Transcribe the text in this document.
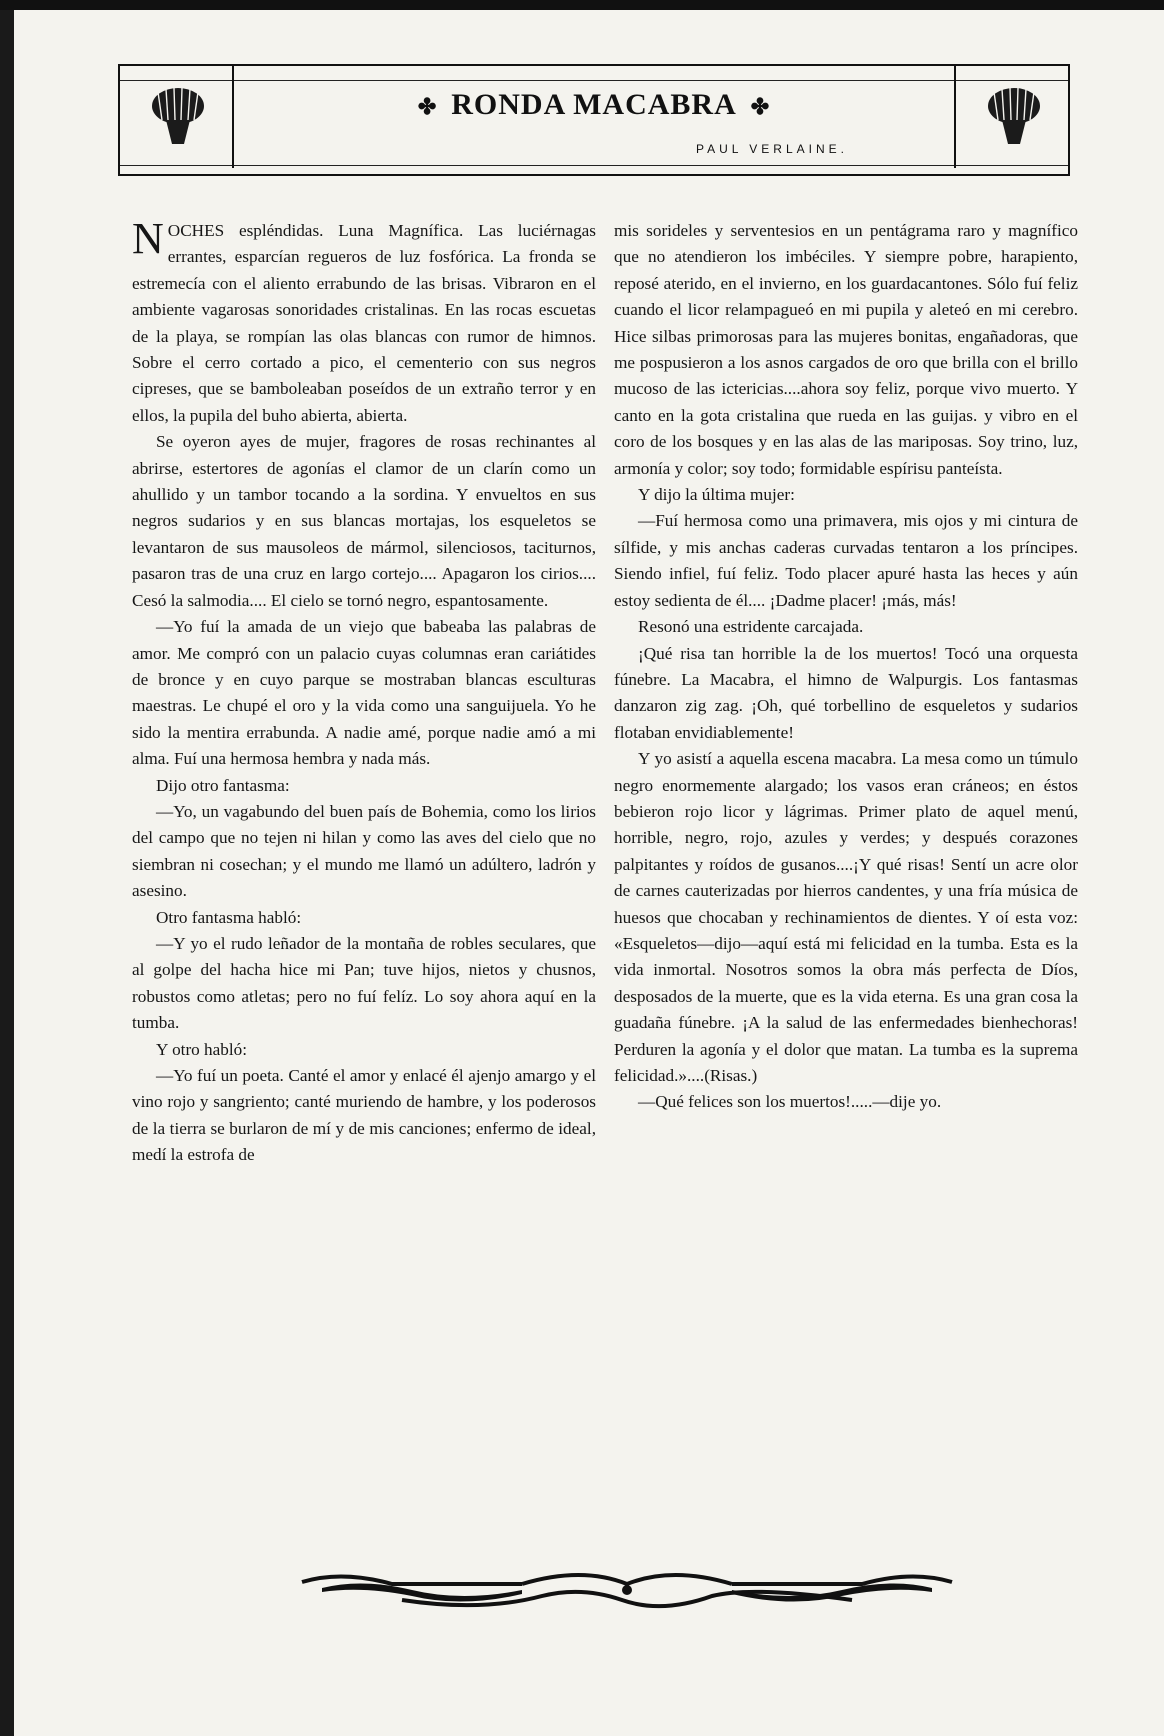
✤ RONDA MACABRA ✤
PAUL VERLAINE.

NOCHES espléndidas. Luna Magnífica. Las luciérnagas errantes, esparcían regueros de luz fosfórica. La fronda se estremecía con el aliento errabundo de las brisas. Vibraron en el ambiente vagarosas sonoridades cristalinas. En las rocas escuetas de la playa, se rompían las olas blancas con rumor de himnos. Sobre el cerro cortado a pico, el cementerio con sus negros cipreses, que se bamboleaban poseídos de un extraño terror y en ellos, la pupila del buho abierta, abierta.

Se oyeron ayes de mujer, fragores de rosas rechinantes al abrirse, estertores de agonías el clamor de un clarín como un ahullido y un tambor tocando a la sordina. Y envueltos en sus negros sudarios y en sus blancas mortajas, los esqueletos se levantaron de sus mausoleos de mármol, silenciosos, taciturnos, pasaron tras de una cruz en largo cortejo.... Apagaron los cirios.... Cesó la salmodia.... El cielo se tornó negro, espantosamente.

—Yo fuí la amada de un viejo que babeaba las palabras de amor. Me compró con un palacio cuyas columnas eran cariátides de bronce y en cuyo parque se mostraban blancas esculturas maestras. Le chupé el oro y la vida como una sanguijuela. Yo he sido la mentira errabunda. A nadie amé, porque nadie amó a mi alma. Fuí una hermosa hembra y nada más.

Dijo otro fantasma:

—Yo, un vagabundo del buen país de Bohemia, como los lirios del campo que no tejen ni hilan y como las aves del cielo que no siembran ni cosechan; y el mundo me llamó un adúltero, ladrón y asesino.

Otro fantasma habló:

—Y yo el rudo leñador de la montaña de robles seculares, que al golpe del hacha hice mi Pan; tuve hijos, nietos y chusnos, robustos como atletas; pero no fuí felíz. Lo soy ahora aquí en la tumba.

Y otro habló:

—Yo fuí un poeta. Canté el amor y enlacé él ajenjo amargo y el vino rojo y sangriento; canté muriendo de hambre, y los poderosos de la tierra se burlaron de mí y de mis canciones; enfermo de ideal, medí la estrofa de

mis sorideles y serventesios en un pentágrama raro y magnífico que no atendieron los imbéciles. Y siempre pobre, harapiento, reposé aterido, en el invierno, en los guardacantones. Sólo fuí feliz cuando el licor relampagueó en mi pupila y aleteó en mi cerebro. Hice silbas primorosas para las mujeres bonitas, engañadoras, que me pospusieron a los asnos cargados de oro que brilla con el brillo mucoso de las ictericias....ahora soy feliz, porque vivo muerto. Y canto en la gota cristalina que rueda en las guijas. y vibro en el coro de los bosques y en las alas de las mariposas. Soy trino, luz, armonía y color; soy todo; formidable espírisu panteísta.

Y dijo la última mujer:

—Fuí hermosa como una primavera, mis ojos y mi cintura de sílfide, y mis anchas caderas curvadas tentaron a los príncipes. Siendo infiel, fuí feliz. Todo placer apuré hasta las heces y aún estoy sedienta de él.... ¡Dadme placer! ¡más, más!

Resonó una estridente carcajada.

¡Qué risa tan horrible la de los muertos! Tocó una orquesta fúnebre. La Macabra, el himno de Walpurgis. Los fantasmas danzaron zig zag. ¡Oh, qué torbellino de esqueletos y sudarios flotaban envidiablemente!

Y yo asistí a aquella escena macabra. La mesa como un túmulo negro enormemente alargado; los vasos eran cráneos; en éstos bebieron rojo licor y lágrimas. Primer plato de aquel menú, horrible, negro, rojo, azules y verdes; y después corazones palpitantes y roídos de gusanos....¡Y qué risas! Sentí un acre olor de carnes cauterizadas por hierros candentes, y una fría música de huesos que chocaban y rechinamientos de dientes. Y oí esta voz: «Esqueletos—dijo—aquí está mi felicidad en la tumba. Esta es la vida inmortal. Nosotros somos la obra más perfecta de Díos, desposados de la muerte, que es la vida eterna. Es una gran cosa la guadaña fúnebre. ¡A la salud de las enfermedades bienhechoras! Perduren la agonía y el dolor que matan. La tumba es la suprema felicidad.»....(Risas.)

—Qué felices son los muertos!.....—dije yo.
